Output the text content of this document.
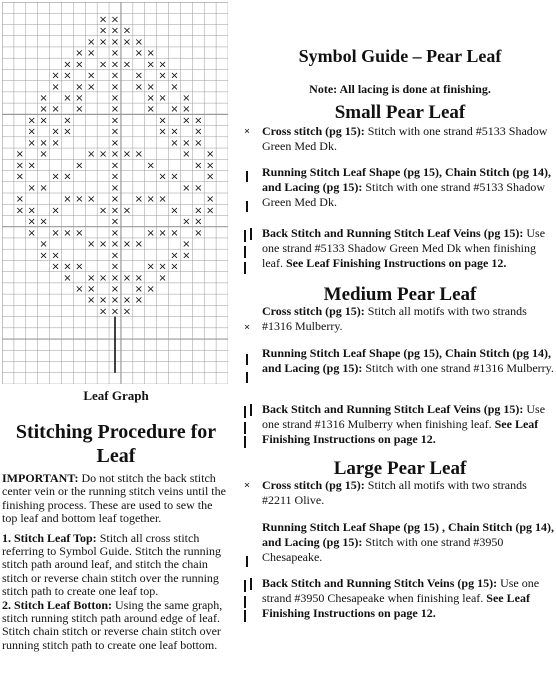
× ×
× × ×
× × × × ×
× × × × ×
× × × × × × ×
× × × × × × ×
× × × × × × ×
× × ×	×	× × ×
× × ×	×	× × ×
× × ×	×	× × ×
× × ×	×	× × ×
× × ×	×	× × ×
× ×	× × × × ×	× ×
× ×	×	×	×	× ×
×	× ×	×	× ×	×
× ×	×	× ×
×	× × × × × × ×	×
× × ×	× × ×	× × ×
× ×	×	× ×
× × × ×	×	× × × ×
×	× × × × ×	×
× ×	×	× ×
× × ×	×	× × ×
× × × × × × ×
× × × × ×
× × × × ×
× × ×
Leaf Graph
Stitching Procedure for
Leaf

IMPORTANT: Do not stitch the back stitch center vein or the running stitch veins until the finishing process. These are used to sew the top leaf and bottom leaf together.

1. Stitch Leaf Top: Stitch all cross stitch referring to Symbol Guide. Stitch the running stitch path around leaf, and stitch the chain stitch or reverse chain stitch over the running stitch path to create one leaf top.

2. Stitch Leaf Botton: Using the same graph, stitch running stitch path around edge of leaf. Stitch chain stitch or reverse chain stitch over running stitch path to create one leaf bottom.

Symbol Guide – Pear Leaf
Note: All lacing is done at finishing.
Small Pear Leaf
× Cross stitch (pg 15): Stitch with one strand #5133 Shadow Green Med Dk.
Running Stitch Leaf Shape (pg 15), Chain Stitch (pg 14), and Lacing (pg 15): Stitch with one strand #5133 Shadow Green Med Dk.
Back Stitch and Running Stitch Leaf Veins (pg 15): Use one strand #5133 Shadow Green Med Dk when finishing leaf. See Leaf Finishing Instructions on page 12.
Medium Pear Leaf
×
Cross stitch (pg 15): Stitch all motifs with two strands #1316 Mulberry.
Running Stitch Leaf Shape (pg 15), Chain Stitch (pg 14), and Lacing (pg 15): Stitch with one strand #1316 Mulberry.
Back Stitch and Running Stitch Leaf Veins (pg 15): Use one strand #1316 Mulberry when finishing leaf. See Leaf Finishing Instructions on page 12.
Large Pear Leaf
× Cross stitch (pg 15): Stitch all motifs with two strands #2211 Olive.
Running Stitch Leaf Shape (pg 15) , Chain Stitch (pg 14), and Lacing (pg 15): Stitch with one strand #3950 Chesapeake.
Back Stitch and Running Stitch Veins (pg 15): Use one strand #3950 Chesapeake when finishing leaf. See Leaf Finishing Instructions on page 12.
